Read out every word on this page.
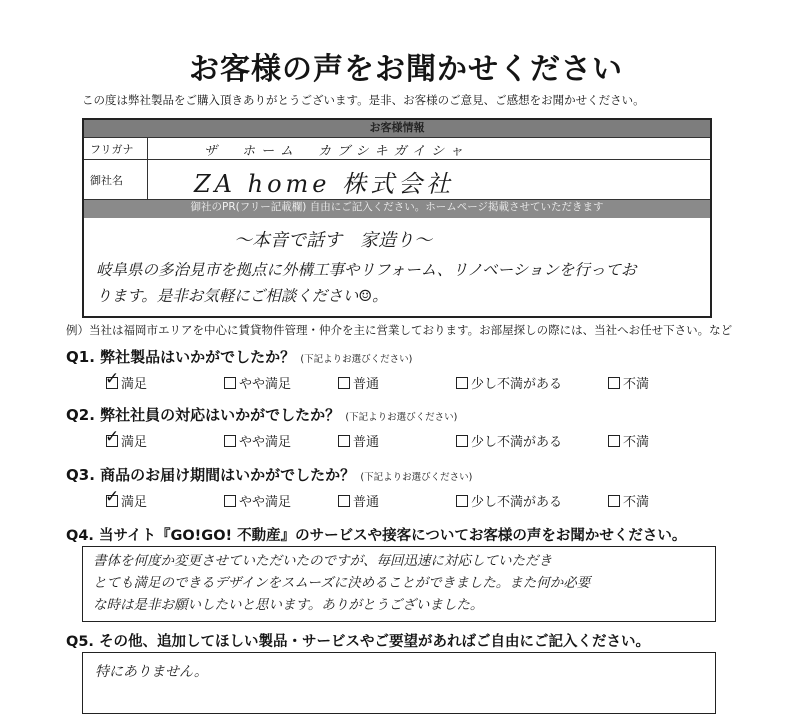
お客様の声をお聞かせください
この度は弊社製品をご購入頂きありがとうございます。是非、お客様のご意見、ご感想をお聞かせください。
お客様情報
フリガナ	ザ　ホーム　カブシキガイシャ
御社名	ZA home 株式会社
御社のPR(フリー記載欄) 自由にご記入ください。ホームページ掲載させていただきます
～本音で話す　家造り～
岐阜県の多治見市を拠点に外構工事やリフォーム、リノベーションを行ってお
ります。是非お気軽にご相談ください☺。
例）当社は福岡市エリアを中心に賃貸物件管理・仲介を主に営業しております。お部屋探しの際には、当社へお任せ下さい。など
Q1. 弊社製品はいかがでしたか？ (下記よりお選びください)
✓
満足	やや満足	普通	少し不満がある	不満
Q2. 弊社社員の対応はいかがでしたか？ (下記よりお選びください)
✓
満足	やや満足	普通	少し不満がある	不満
Q3. 商品のお届け期間はいかがでしたか？ (下記よりお選びください)
✓
満足	やや満足	普通	少し不満がある	不満
Q4. 当サイト『GO!GO! 不動産』のサービスや接客についてお客様の声をお聞かせください。
書体を何度か変更させていただいたのですが、毎回迅速に対応していただき
とても満足のできるデザインをスムーズに決めることができました。また何か必要
な時は是非お願いしたいと思います。ありがとうございました。
Q5. その他、追加してほしい製品・サービスやご要望があればご自由にご記入ください。
特にありません。
